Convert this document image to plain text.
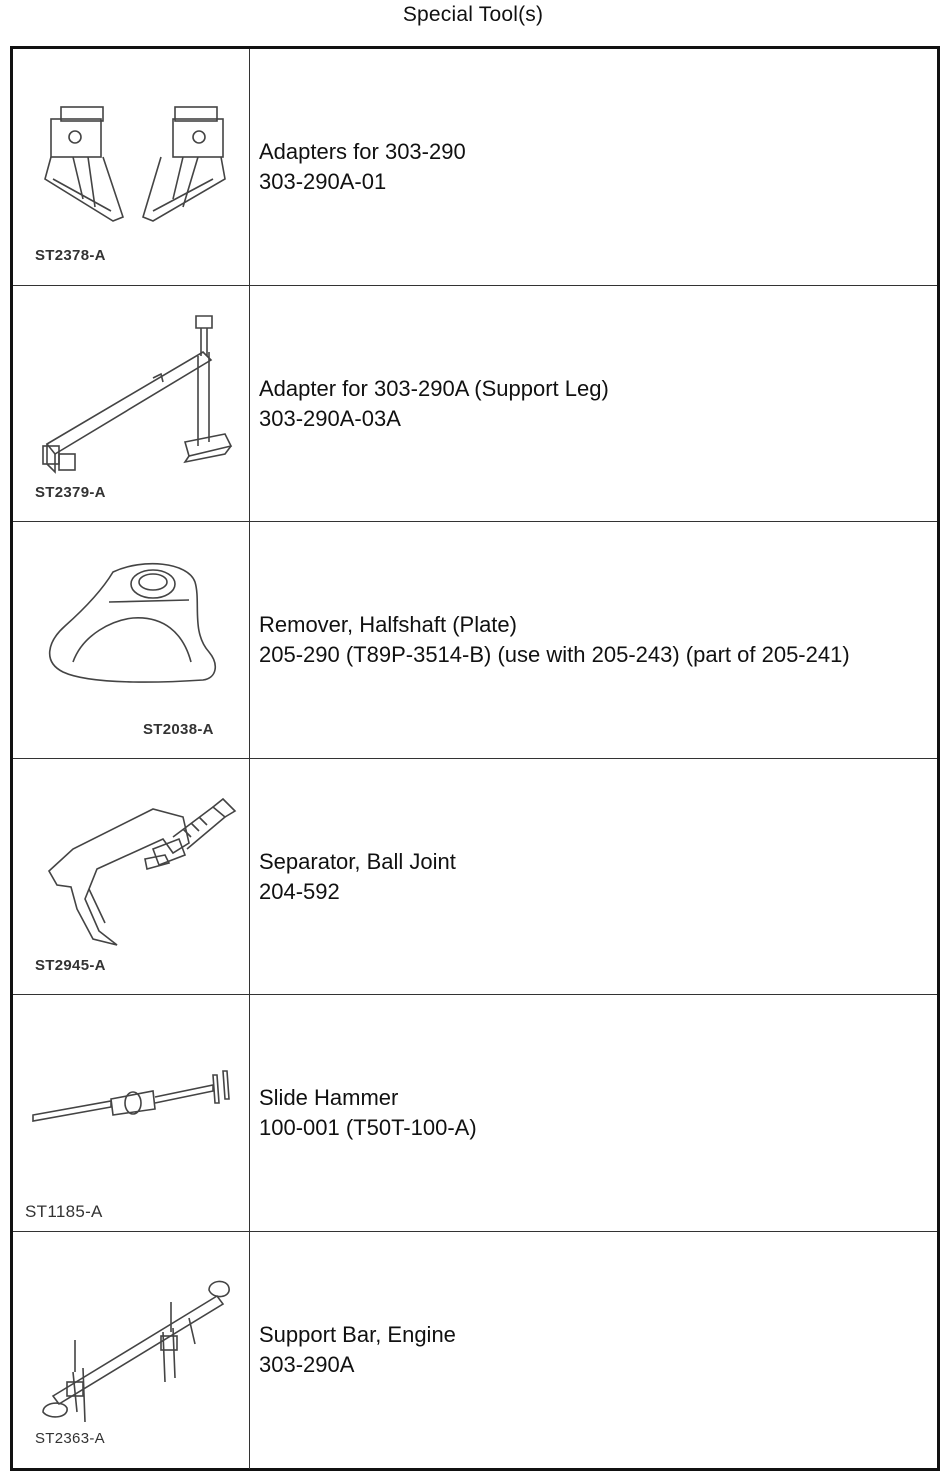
Special Tool(s)
ST2378-A
Adapters for 303-290
303-290A-01
ST2379-A
Adapter for 303-290A (Support Leg)
303-290A-03A
ST2038-A
Remover, Halfshaft (Plate)
205-290 (T89P-3514-B) (use with 205-243) (part of 205-241)
ST2945-A
Separator, Ball Joint
204-592
ST1185-A
Slide Hammer
100-001 (T50T-100-A)
ST2363-A
Support Bar, Engine
303-290A
